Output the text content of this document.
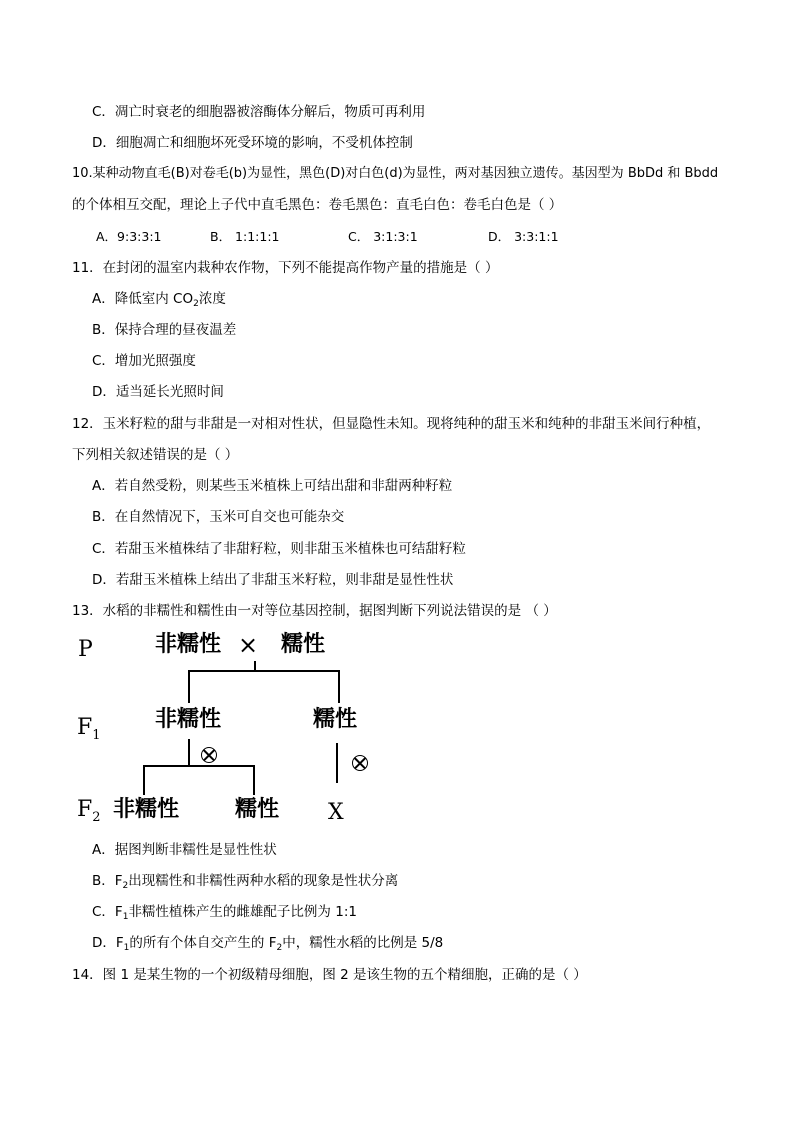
C．凋亡时衰老的细胞器被溶酶体分解后，物质可再利用
D．细胞凋亡和细胞坏死受环境的影响，不受机体控制
10.某种动物直毛(B)对卷毛(b)为显性，黑色(D)对白色(d)为显性，两对基因独立遗传。基因型为 BbDd 和 Bbdd
的个体相互交配，理论上子代中直毛黑色：卷毛黑色：直毛白色：卷毛白色是（ ）
A．9:3:3:1	B． 1:1:1:1	C． 3:1:3:1	D． 3:3:1:1
11．在封闭的温室内栽种农作物，下列不能提高作物产量的措施是（ ）
A．降低室内 $CO_2$浓度
B．保持合理的昼夜温差
C．增加光照强度
D．适当延长光照时间
12．玉米籽粒的甜与非甜是一对相对性状，但显隐性未知。现将纯种的甜玉米和纯种的非甜玉米间行种植，
下列相关叙述错误的是（ ）
A．若自然受粉，则某些玉米植株上可结出甜和非甜两种籽粒
B．在自然情况下，玉米可自交也可能杂交
C．若甜玉米植株结了非甜籽粒，则非甜玉米植株也可结甜籽粒
D．若甜玉米植株上结出了非甜玉米籽粒，则非甜是显性性状
13．水稻的非糯性和糯性由一对等位基因控制，据图判断下列说法错误的是 （ ）
P	非糯性 × 糯性
$F_1$
非糯性	糯性
$F_2$ 非糯性	糯性 X
A．据图判断非糯性是显性性状
B．$F_2$出现糯性和非糯性两种水稻的现象是性状分离
C．$F_1$非糯性植株产生的雌雄配子比例为 1:1
D．$F_1$的所有个体自交产生的 $F_2$中，糯性水稻的比例是 5/8
14．图 1 是某生物的一个初级精母细胞，图 2 是该生物的五个精细胞，正确的是（ ）
